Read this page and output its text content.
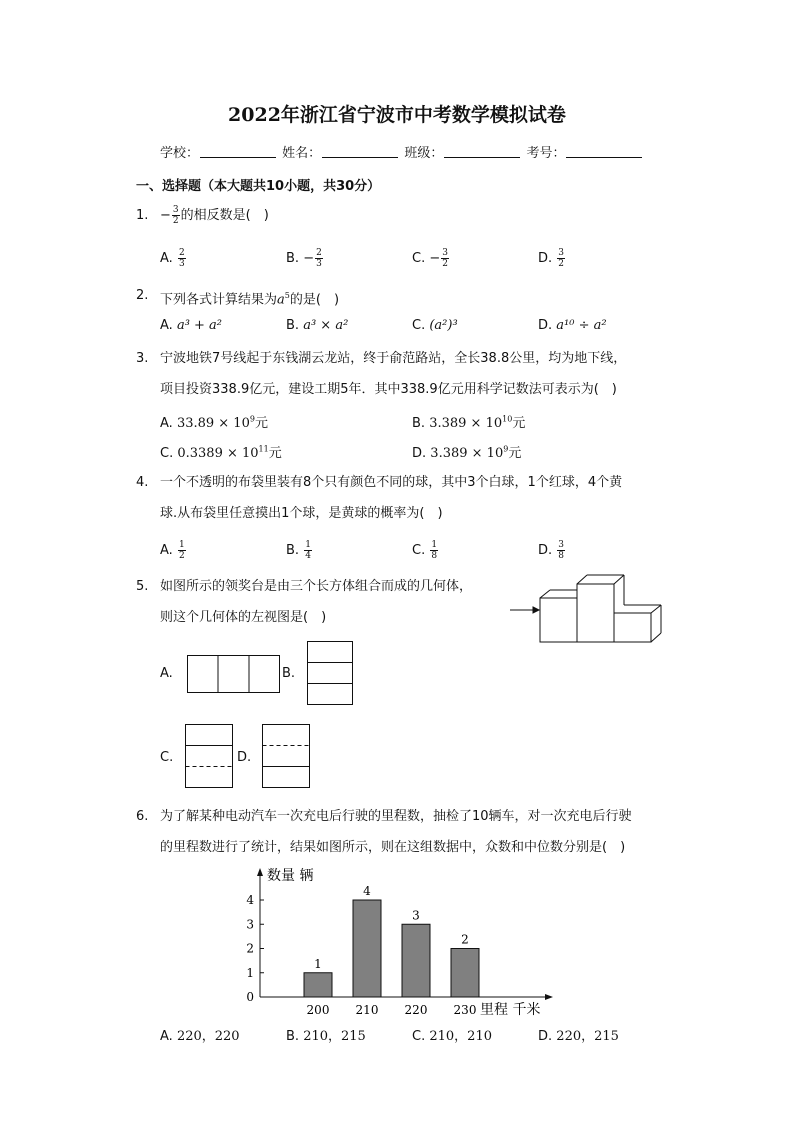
2022年浙江省宁波市中考数学模拟试卷
学校：	姓名：	班级：	考号：
一、选择题（本大题共10小题，共30分）
1. − $\frac{3}{2}$ 的相反数是(　)
A. $\frac{2}{3}$	B. − $\frac{2}{3}$	C. − $\frac{3}{2}$	D. $\frac{3}{2}$
2. 下列各式计算结果为$a^5$的是(　)
A. a³ + a²	B. a³ × a²	C. (a²)³	D. a¹⁰ ÷ a²
3. 宁波地铁7号线起于东钱湖云龙站，终于俞范路站，全长38.8公里，均为地下线，
项目投资338.9亿元，建设工期5年．其中338.9亿元用科学记数法可表示为(　)
A. $33.89 \times 10^9$元	B. $3.389 \times 10^{10}$元
C. $0.3389 \times 10^{11}$元	D. $3.389 \times 10^9$元
4. 一个不透明的布袋里装有8个只有颜色不同的球，其中3个白球，1个红球，4个黄
球.从布袋里任意摸出1个球，是黄球的概率为(　)
A. $\frac{1}{2}$	B. $\frac{1}{4}$	C. $\frac{1}{8}$	D. $\frac{3}{8}$
5. 如图所示的领奖台是由三个长方体组合而成的几何体，
则这个几何体的左视图是(　)
A.	B.
C.	D.
6. 为了解某种电动汽车一次充电后行驶的里程数，抽检了10辆车，对一次充电后行驶
的里程数进行了统计，结果如图所示，则在这组数据中，众数和中位数分别是(　)
数量 辆
里程 千米
0
1
2
3
4
1
200
4
210
3
220
2
230
A. 220，220	B. 210，215	C. 210，210	D. 220，215
